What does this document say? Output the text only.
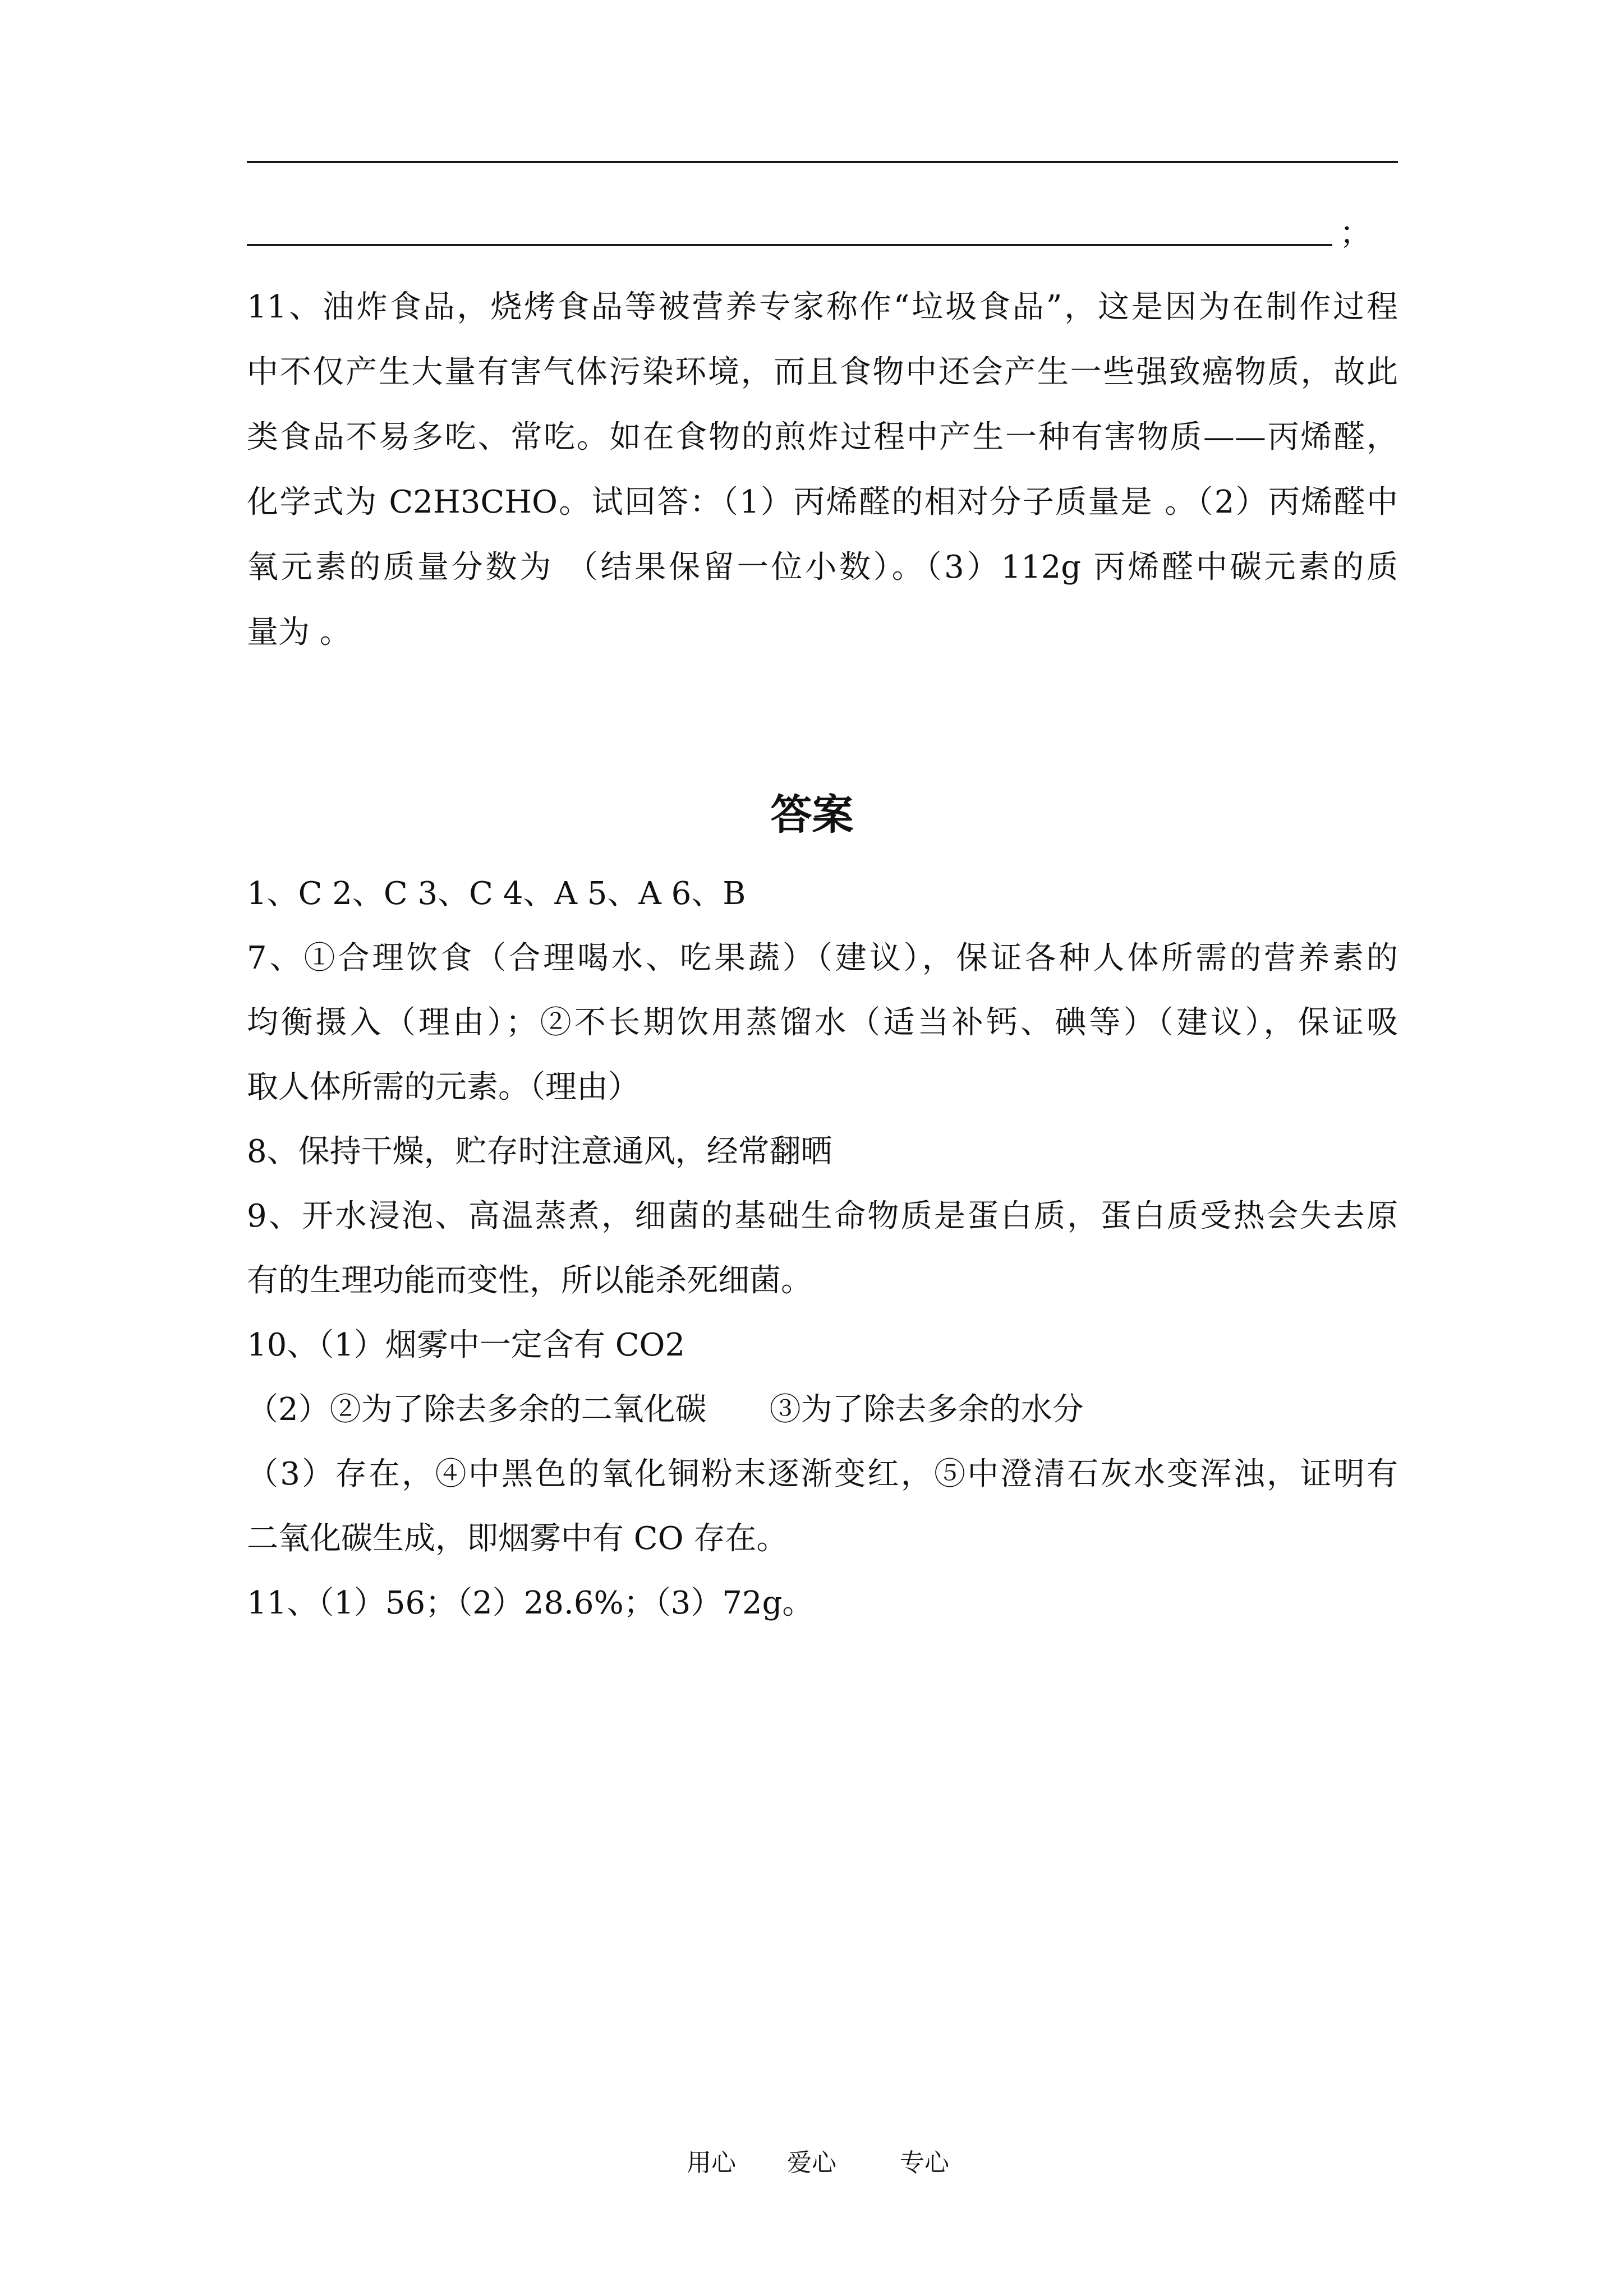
；
11、油炸食品，烧烤食品等被营养专家称作“垃圾食品”，这是因为在制作过程
中不仅产生大量有害气体污染环境，而且食物中还会产生一些强致癌物质，故此
类食品不易多吃、常吃。如在食物的煎炸过程中产生一种有害物质——丙烯醛，
化学式为 C2H3CHO。试回答：（1）丙烯醛的相对分子质量是 。（2）丙烯醛中
氧元素的质量分数为 （结果保留一位小数）。（3）112g 丙烯醛中碳元素的质
量为 。
答案
1、C 2、C 3、C 4、A 5、A 6、B
7、①合理饮食（合理喝水、吃果蔬）（建议），保证各种人体所需的营养素的
均衡摄入（理由）；②不长期饮用蒸馏水（适当补钙、碘等）（建议），保证吸
取人体所需的元素。（理由）
8、保持干燥，贮存时注意通风，经常翻晒
9、开水浸泡、高温蒸煮，细菌的基础生命物质是蛋白质，蛋白质受热会失去原
有的生理功能而变性，所以能杀死细菌。
10、（1）烟雾中一定含有 CO2
（2）②为了除去多余的二氧化碳　　③为了除去多余的水分
（3）存在，④中黑色的氧化铜粉末逐渐变红，⑤中澄清石灰水变浑浊，证明有
二氧化碳生成，即烟雾中有 CO 存在。
11、（1）56；（2）28.6%；（3）72g。
用心 爱心	专心
